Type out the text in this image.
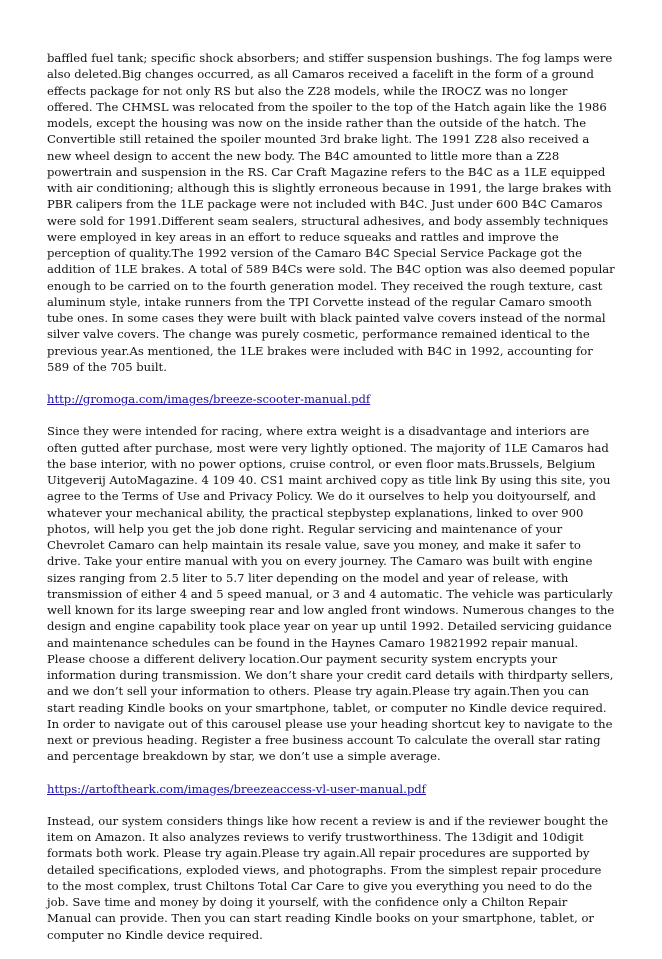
baffled fuel tank; specific shock absorbers; and stiffer suspension bushings. The fog lamps were also deleted.Big changes occurred, as all Camaros received a facelift in the form of a ground effects package for not only RS but also the Z28 models, while the IROCZ was no longer offered. The CHMSL was relocated from the spoiler to the top of the Hatch again like the 1986 models, except the housing was now on the inside rather than the outside of the hatch. The Convertible still retained the spoiler mounted 3rd brake light. The 1991 Z28 also received a new wheel design to accent the new body. The B4C amounted to little more than a Z28 powertrain and suspension in the RS. Car Craft Magazine refers to the B4C as a 1LE equipped with air conditioning; although this is slightly erroneous because in 1991, the large brakes with PBR calipers from the 1LE package were not included with B4C. Just under 600 B4C Camaros were sold for 1991.Different seam sealers, structural adhesives, and body assembly techniques were employed in key areas in an effort to reduce squeaks and rattles and improve the perception of quality.The 1992 version of the Camaro B4C Special Service Package got the addition of 1LE brakes. A total of 589 B4Cs were sold. The B4C option was also deemed popular enough to be carried on to the fourth generation model. They received the rough texture, cast aluminum style, intake runners from the TPI Corvette instead of the regular Camaro smooth tube ones. In some cases they were built with black painted valve covers instead of the normal silver valve covers. The change was purely cosmetic, performance remained identical to the previous year.As mentioned, the 1LE brakes were included with B4C in 1992, accounting for 589 of the 705 built.

http://gromoga.com/images/breeze-scooter-manual.pdf

Since they were intended for racing, where extra weight is a disadvantage and interiors are often gutted after purchase, most were very lightly optioned. The majority of 1LE Camaros had the base interior, with no power options, cruise control, or even floor mats.Brussels, Belgium Uitgeverij AutoMagazine. 4 109 40. CS1 maint archived copy as title link By using this site, you agree to the Terms of Use and Privacy Policy. We do it ourselves to help you doityourself, and whatever your mechanical ability, the practical stepbystep explanations, linked to over 900 photos, will help you get the job done right. Regular servicing and maintenance of your Chevrolet Camaro can help maintain its resale value, save you money, and make it safer to drive. Take your entire manual with you on every journey. The Camaro was built with engine sizes ranging from 2.5 liter to 5.7 liter depending on the model and year of release, with transmission of either 4 and 5 speed manual, or 3 and 4 automatic. The vehicle was particularly well known for its large sweeping rear and low angled front windows. Numerous changes to the design and engine capability took place year on year up until 1992. Detailed servicing guidance and maintenance schedules can be found in the Haynes Camaro 19821992 repair manual. Please choose a different delivery location.Our payment security system encrypts your information during transmission. We don’t share your credit card details with thirdparty sellers, and we don’t sell your information to others. Please try again.Please try again.Then you can start reading Kindle books on your smartphone, tablet, or computer no Kindle device required. In order to navigate out of this carousel please use your heading shortcut key to navigate to the next or previous heading. Register a free business account To calculate the overall star rating and percentage breakdown by star, we don’t use a simple average.

https://artoftheark.com/images/breezeaccess-vl-user-manual.pdf

Instead, our system considers things like how recent a review is and if the reviewer bought the item on Amazon. It also analyzes reviews to verify trustworthiness. The 13digit and 10digit formats both work. Please try again.Please try again.All repair procedures are supported by detailed specifications, exploded views, and photographs. From the simplest repair procedure to the most complex, trust Chiltons Total Car Care to give you everything you need to do the job. Save time and money by doing it yourself, with the confidence only a Chilton Repair Manual can provide. Then you can start reading Kindle books on your smartphone, tablet, or computer no Kindle device required.
